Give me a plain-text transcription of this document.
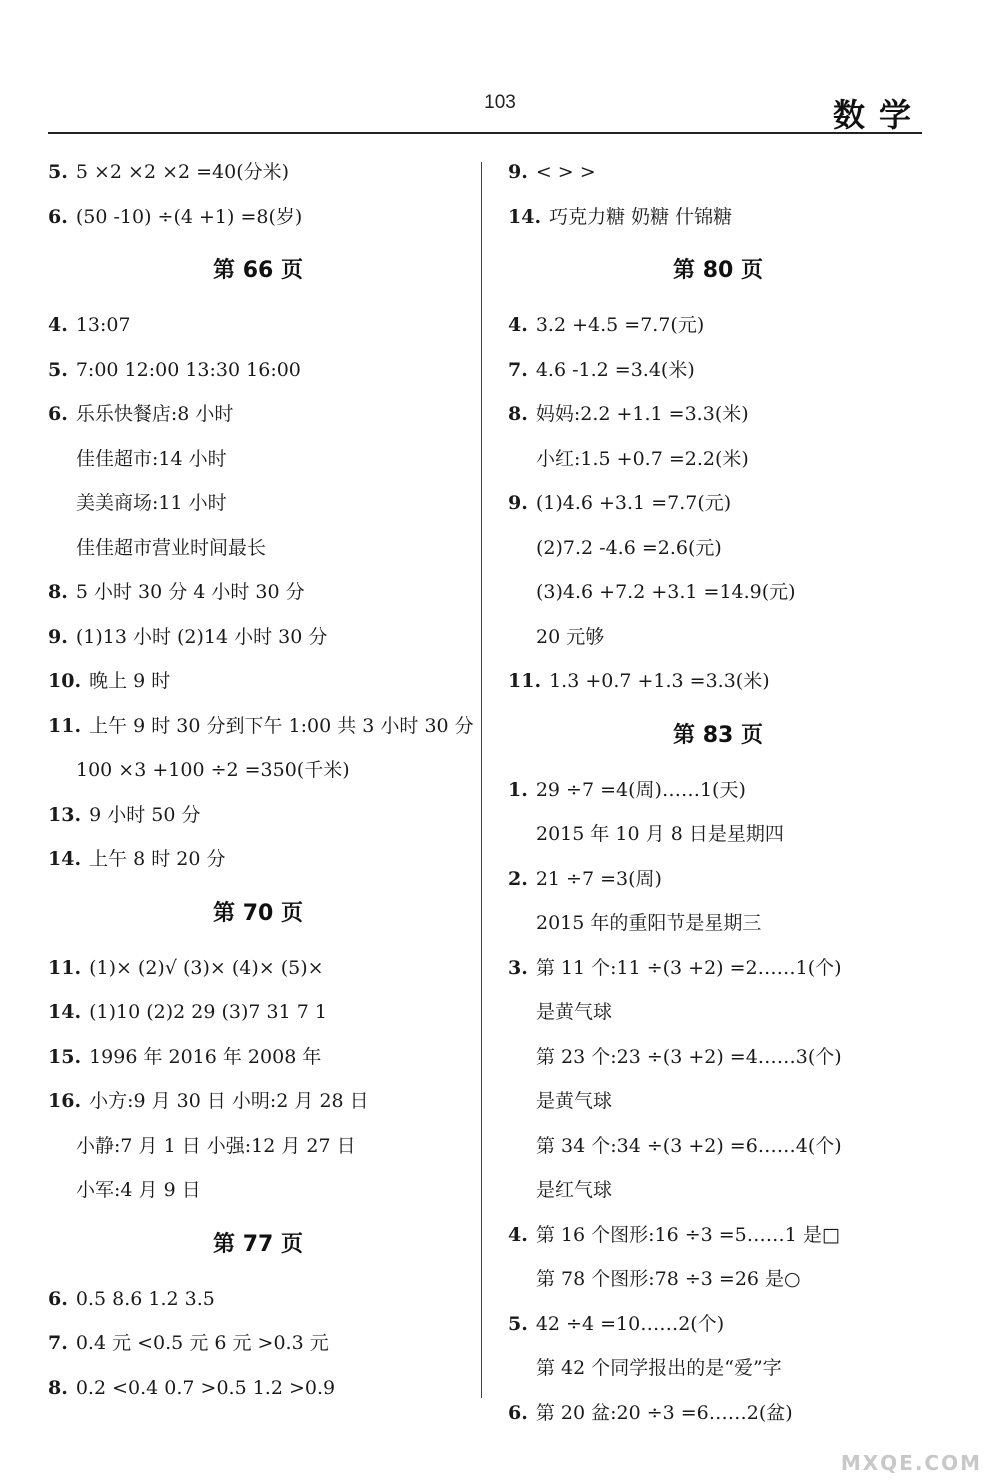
103	数学
5. 5 ×2 ×2 ×2 =40(分米)
6. (50 -10) ÷(4 +1) =8(岁)
第 66 页
4. 13:07
5. 7:00 12:00 13:30 16:00
6. 乐乐快餐店:8 小时
佳佳超市:14 小时
美美商场:11 小时
佳佳超市营业时间最长
8. 5 小时 30 分 4 小时 30 分
9. (1)13 小时 (2)14 小时 30 分
10. 晚上 9 时
11. 上午 9 时 30 分到下午 1:00 共 3 小时 30 分
100 ×3 +100 ÷2 =350(千米)
13. 9 小时 50 分
14. 上午 8 时 20 分
第 70 页
11. (1)× (2)√ (3)× (4)× (5)×
14. (1)10 (2)2 29 (3)7 31 7 1
15. 1996 年 2016 年 2008 年
16. 小方:9 月 30 日 小明:2 月 28 日
小静:7 月 1 日 小强:12 月 27 日
小军:4 月 9 日
第 77 页
6. 0.5 8.6 1.2 3.5
7. 0.4 元 <0.5 元 6 元 >0.3 元
8. 0.2 <0.4 0.7 >0.5 1.2 >0.9
9. < > >
14. 巧克力糖 奶糖 什锦糖
第 80 页
4. 3.2 +4.5 =7.7(元)
7. 4.6 -1.2 =3.4(米)
8. 妈妈:2.2 +1.1 =3.3(米)
小红:1.5 +0.7 =2.2(米)
9. (1)4.6 +3.1 =7.7(元)
(2)7.2 -4.6 =2.6(元)
(3)4.6 +7.2 +3.1 =14.9(元)
20 元够
11. 1.3 +0.7 +1.3 =3.3(米)
第 83 页
1. 29 ÷7 =4(周)……1(天)
2015 年 10 月 8 日是星期四
2. 21 ÷7 =3(周)
2015 年的重阳节是星期三
3. 第 11 个:11 ÷(3 +2) =2……1(个)
是黄气球
第 23 个:23 ÷(3 +2) =4……3(个)
是黄气球
第 34 个:34 ÷(3 +2) =6……4(个)
是红气球
4. 第 16 个图形:16 ÷3 =5……1 是□
第 78 个图形:78 ÷3 =26 是○
5. 42 ÷4 =10……2(个)
第 42 个同学报出的是“爱”字
6. 第 20 盆:20 ÷3 =6……2(盆)
MXQE.COM
